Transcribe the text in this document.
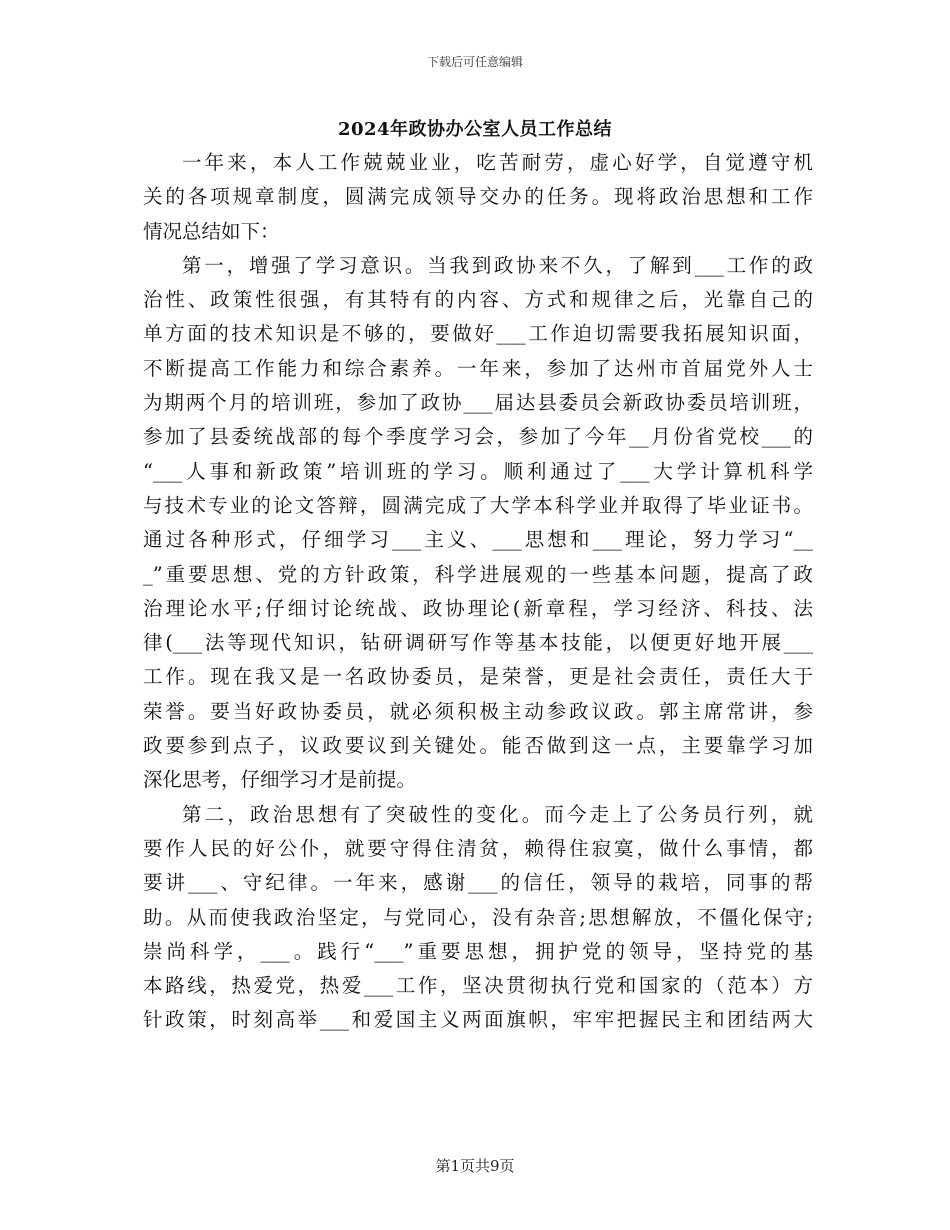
下载后可任意编辑
2024年政协办公室人员工作总结
一年来，本人工作兢兢业业，吃苦耐劳，虚心好学，自觉遵守机
关的各项规章制度，圆满完成领导交办的任务。现将政治思想和工作
情况总结如下：
第一，增强了学习意识。当我到政协来不久，了解到___工作的政
治性、政策性很强，有其特有的内容、方式和规律之后，光靠自己的
单方面的技术知识是不够的，要做好___工作迫切需要我拓展知识面，
不断提高工作能力和综合素养。一年来，参加了达州市首届党外人士
为期两个月的培训班，参加了政协___届达县委员会新政协委员培训班，
参加了县委统战部的每个季度学习会，参加了今年__月份省党校___的
“___人事和新政策”培训班的学习。顺利通过了___大学计算机科学
与技术专业的论文答辩，圆满完成了大学本科学业并取得了毕业证书。
通过各种形式，仔细学习___主义、___思想和___理论，努力学习“__
_”重要思想、党的方针政策，科学进展观的一些基本问题，提高了政
治理论水平;仔细讨论统战、政协理论(新章程，学习经济、科技、法
律(___法等现代知识，钻研调研写作等基本技能，以便更好地开展___
工作。现在我又是一名政协委员，是荣誉，更是社会责任，责任大于
荣誉。要当好政协委员，就必须积极主动参政议政。郭主席常讲，参
政要参到点子，议政要议到关键处。能否做到这一点，主要靠学习加
深化思考，仔细学习才是前提。
第二，政治思想有了突破性的变化。而今走上了公务员行列，就
要作人民的好公仆，就要守得住清贫，赖得住寂寞，做什么事情，都
要讲___、守纪律。一年来，感谢___的信任，领导的栽培，同事的帮
助。从而使我政治坚定，与党同心，没有杂音;思想解放，不僵化保守;
崇尚科学，___。践行“___”重要思想，拥护党的领导，坚持党的基
本路线，热爱党，热爱___工作，坚决贯彻执行党和国家的（范本）方
针政策，时刻高举___和爱国主义两面旗帜，牢牢把握民主和团结两大
第1页共9页
